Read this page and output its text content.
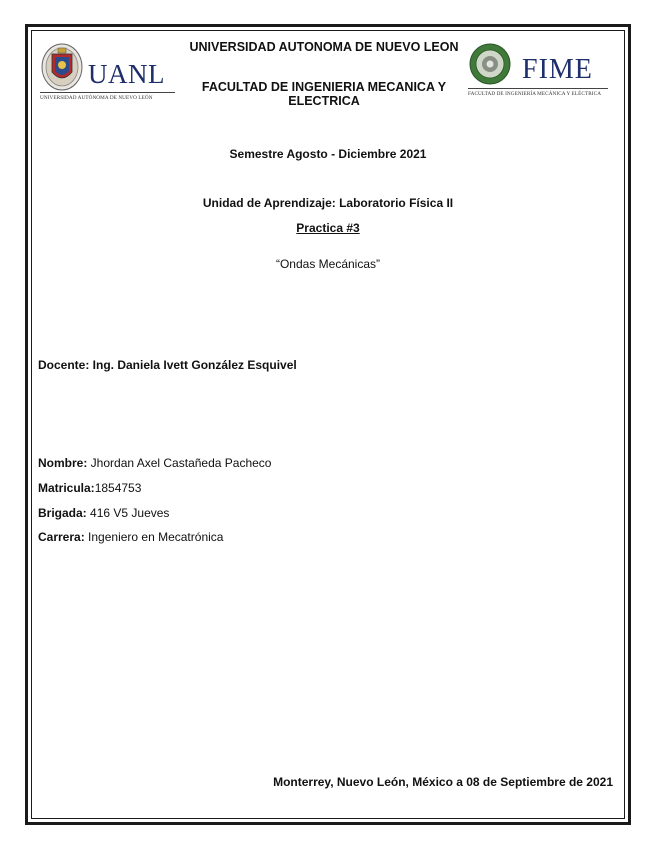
UANL
UNIVERSIDAD AUTÓNOMA DE NUEVO LEÓN
UNIVERSIDAD AUTONOMA DE NUEVO LEON
FACULTAD DE INGENIERIA MECANICA Y ELECTRICA
FIME
FACULTAD DE INGENIERÍA MECÁNICA Y ELÉCTRICA
Semestre Agosto - Diciembre 2021
Unidad de Aprendizaje: Laboratorio Física II
Practica #3
“Ondas Mecánicas”
Docente: Ing. Daniela Ivett González Esquivel
Nombre: Jhordan Axel Castañeda Pacheco
Matricula:1854753
Brigada: 416 V5 Jueves
Carrera: Ingeniero en Mecatrónica
Monterrey, Nuevo León, México a 08 de Septiembre de 2021
